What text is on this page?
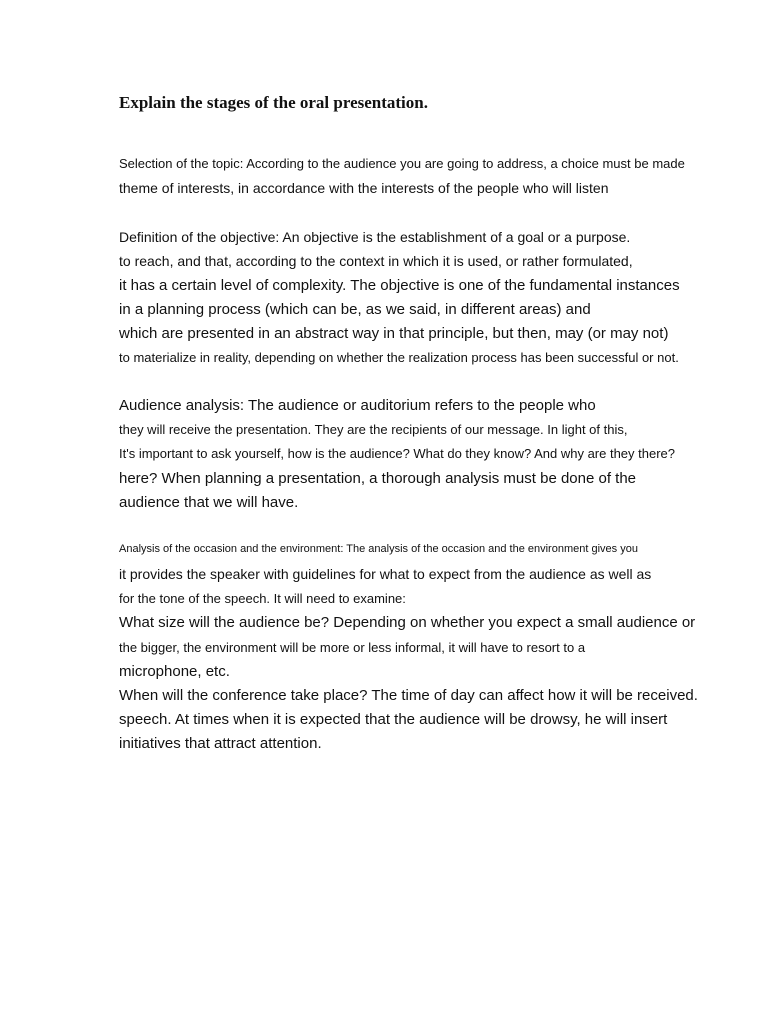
Explain the stages of the oral presentation.
Selection of the topic: According to the audience you are going to address, a choice must be made
theme of interests, in accordance with the interests of the people who will listen
Definition of the objective: An objective is the establishment of a goal or a purpose.
to reach, and that, according to the context in which it is used, or rather formulated,
it has a certain level of complexity. The objective is one of the fundamental instances
in a planning process (which can be, as we said, in different areas) and
which are presented in an abstract way in that principle, but then, may (or may not)
to materialize in reality, depending on whether the realization process has been successful or not.
Audience analysis: The audience or auditorium refers to the people who
they will receive the presentation. They are the recipients of our message. In light of this,
It's important to ask yourself, how is the audience? What do they know? And why are they there?
here? When planning a presentation, a thorough analysis must be done of the
audience that we will have.
Analysis of the occasion and the environment: The analysis of the occasion and the environment gives you
it provides the speaker with guidelines for what to expect from the audience as well as
for the tone of the speech. It will need to examine:
What size will the audience be? Depending on whether you expect a small audience or
the bigger, the environment will be more or less informal, it will have to resort to a
microphone, etc.
When will the conference take place? The time of day can affect how it will be received.
speech. At times when it is expected that the audience will be drowsy, he will insert
initiatives that attract attention.
